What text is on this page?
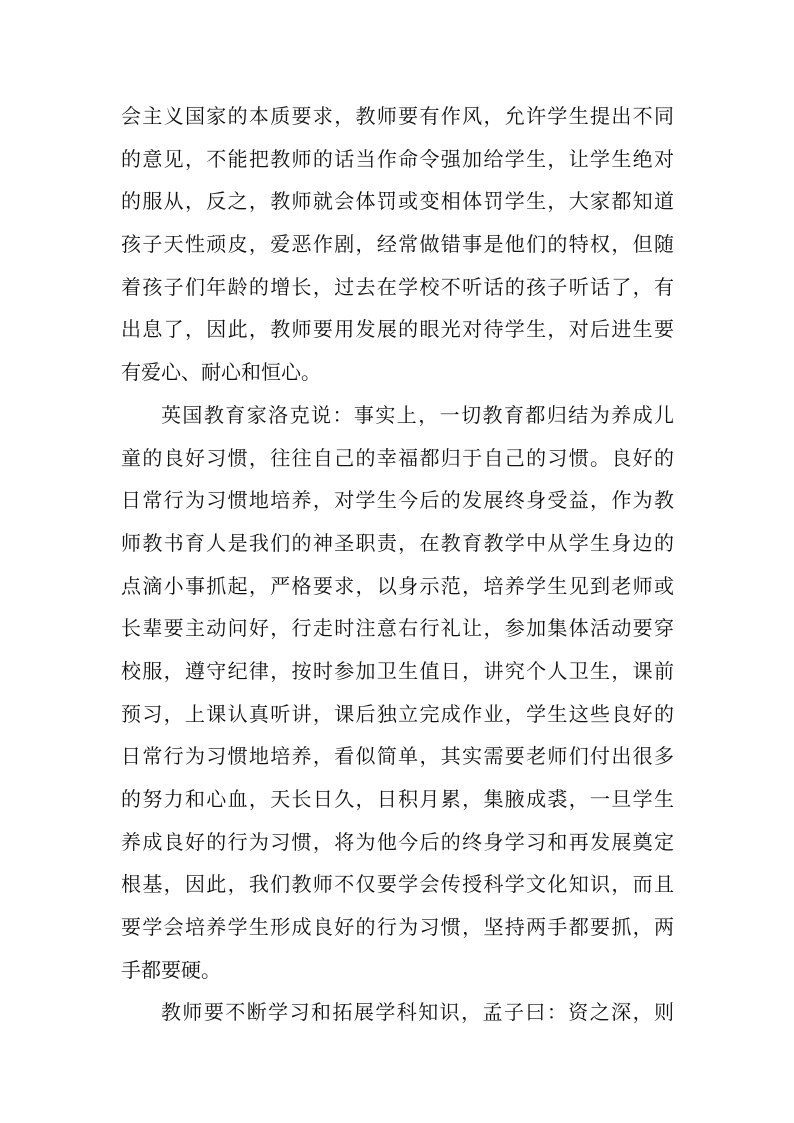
会主义国家的本质要求，教师要有作风，允许学生提出不同
的意见，不能把教师的话当作命令强加给学生，让学生绝对
的服从，反之，教师就会体罚或变相体罚学生，大家都知道
孩子天性顽皮，爱恶作剧，经常做错事是他们的特权，但随
着孩子们年龄的增长，过去在学校不听话的孩子听话了，有
出息了，因此，教师要用发展的眼光对待学生，对后进生要
有爱心、耐心和恒心。
英国教育家洛克说：事实上，一切教育都归结为养成儿
童的良好习惯，往往自己的幸福都归于自己的习惯。良好的
日常行为习惯地培养，对学生今后的发展终身受益，作为教
师教书育人是我们的神圣职责，在教育教学中从学生身边的
点滴小事抓起，严格要求，以身示范，培养学生见到老师或
长辈要主动问好，行走时注意右行礼让，参加集体活动要穿
校服，遵守纪律，按时参加卫生值日，讲究个人卫生，课前
预习，上课认真听讲，课后独立完成作业，学生这些良好的
日常行为习惯地培养，看似简单，其实需要老师们付出很多
的努力和心血，天长日久，日积月累，集腋成裘，一旦学生
养成良好的行为习惯，将为他今后的终身学习和再发展奠定
根基，因此，我们教师不仅要学会传授科学文化知识，而且
要学会培养学生形成良好的行为习惯，坚持两手都要抓，两
手都要硬。
教师要不断学习和拓展学科知识，孟子曰：资之深，则
